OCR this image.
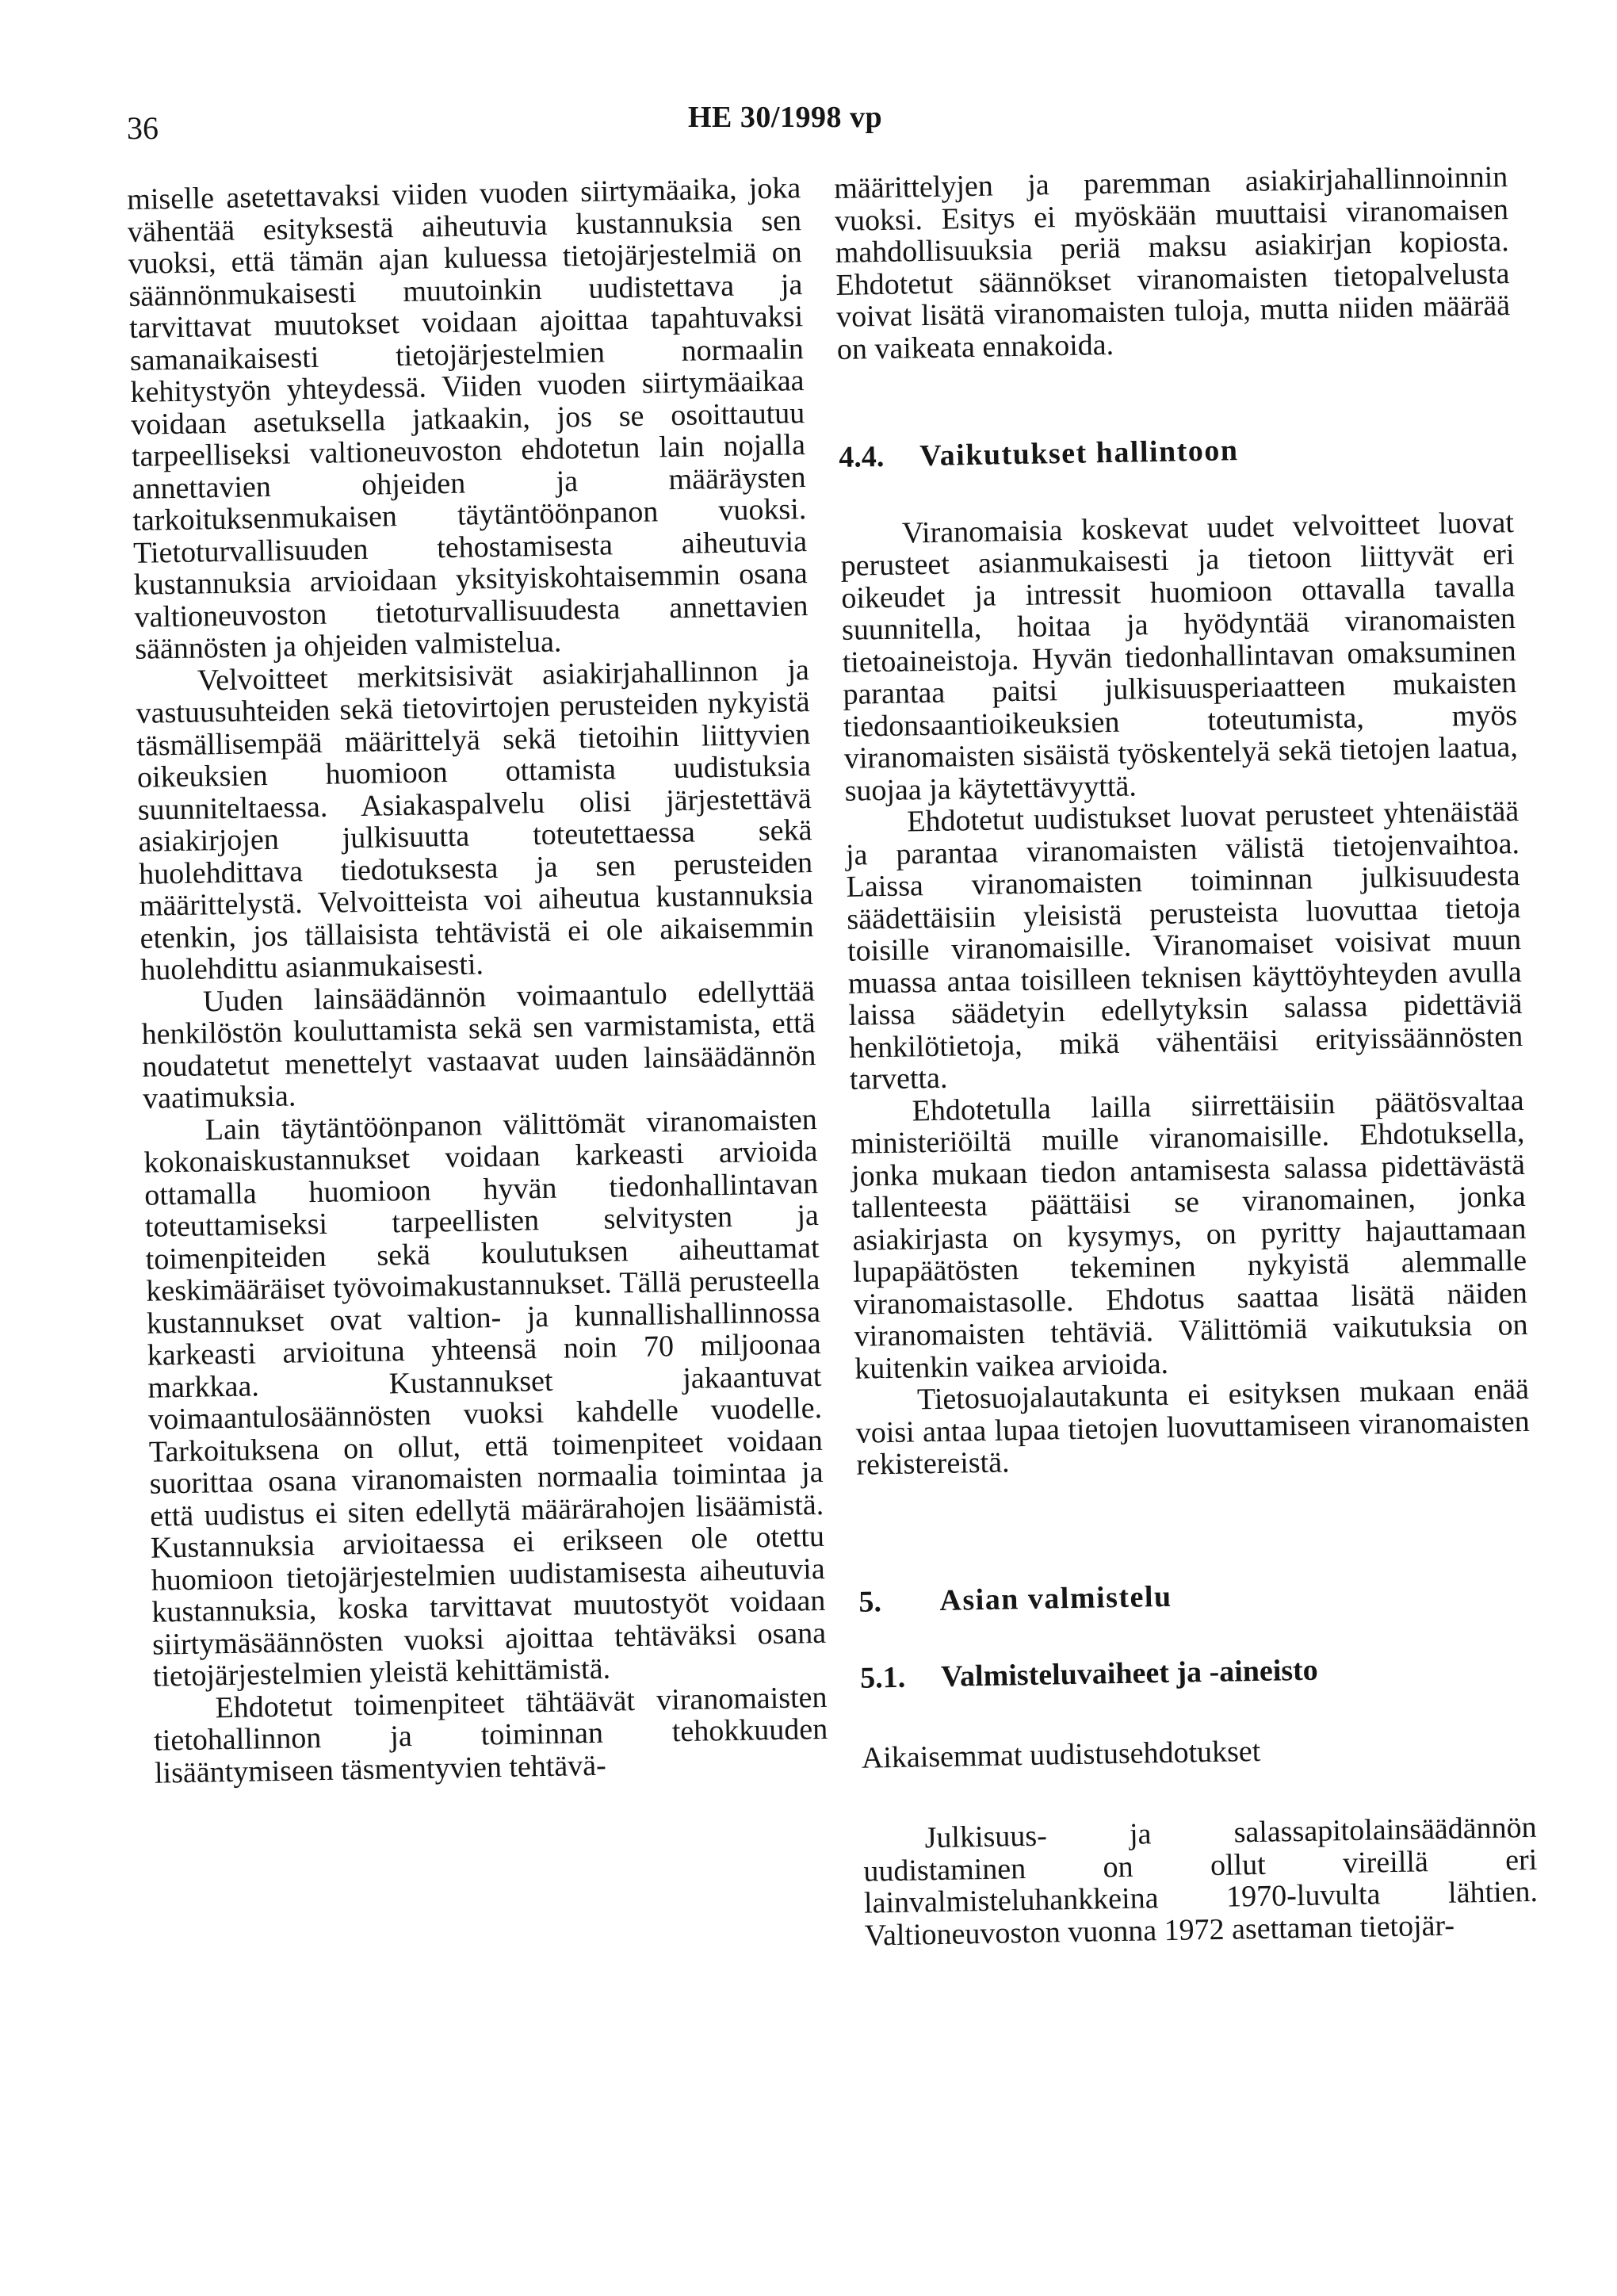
36	HE 30/1998 vp

miselle asetettavaksi viiden vuoden siirtymäaika, joka vähentää esityksestä aiheutuvia kustannuksia sen vuoksi, että tämän ajan kuluessa tietojärjestelmiä on säännönmukaisesti muutoinkin uudistettava ja tarvittavat muutokset voidaan ajoittaa tapahtuvaksi samanaikaisesti tietojärjestelmien normaalin kehitystyön yhteydessä. Viiden vuoden siirtymäaikaa voidaan asetuksella jatkaakin, jos se osoittautuu tarpeelliseksi valtioneuvoston ehdotetun lain nojalla annettavien ohjeiden ja määräysten tarkoituksenmukaisen täytäntöönpanon vuoksi. Tietoturvallisuuden tehostamisesta aiheutuvia kustannuksia arvioidaan yksityiskohtaisemmin osana valtioneuvoston tietoturvallisuudesta annettavien säännösten ja ohjeiden valmistelua.

Velvoitteet merkitsisivät asiakirjahallinnon ja vastuusuhteiden sekä tietovirtojen perusteiden nykyistä täsmällisempää määrittelyä sekä tietoihin liittyvien oikeuksien huomioon ottamista uudistuksia suunniteltaessa. Asiakaspalvelu olisi järjestettävä asiakirjojen julkisuutta toteutettaessa sekä huolehdittava tiedotuksesta ja sen perusteiden määrittelystä. Velvoitteista voi aiheutua kustannuksia etenkin, jos tällaisista tehtävistä ei ole aikaisemmin huolehdittu asianmukaisesti.

Uuden lainsäädännön voimaantulo edellyttää henkilöstön kouluttamista sekä sen varmistamista, että noudatetut menettelyt vastaavat uuden lainsäädännön vaatimuksia.

Lain täytäntöönpanon välittömät viranomaisten kokonaiskustannukset voidaan karkeasti arvioida ottamalla huomioon hyvän tiedonhallintavan toteuttamiseksi tarpeellisten selvitysten ja toimenpiteiden sekä koulutuksen aiheuttamat keskimääräiset työvoimakustannukset. Tällä perusteella kustannukset ovat valtion- ja kunnallishallinnossa karkeasti arvioituna yhteensä noin 70 miljoonaa markkaa. Kustannukset jakaantuvat voimaantulosäännösten vuoksi kahdelle vuodelle. Tarkoituksena on ollut, että toimenpiteet voidaan suorittaa osana viranomaisten normaalia toimintaa ja että uudistus ei siten edellytä määrärahojen lisäämistä. Kustannuksia arvioitaessa ei erikseen ole otettu huomioon tietojärjestelmien uudistamisesta aiheutuvia kustannuksia, koska tarvittavat muutostyöt voidaan siirtymäsäännösten vuoksi ajoittaa tehtäväksi osana tietojärjestelmien yleistä kehittämistä.

Ehdotetut toimenpiteet tähtäävät viranomaisten tietohallinnon ja toiminnan tehokkuuden lisääntymiseen täsmentyvien tehtävä-

määrittelyjen ja paremman asiakirjahallinnoinnin vuoksi. Esitys ei myöskään muuttaisi viranomaisen mahdollisuuksia periä maksu asiakirjan kopiosta. Ehdotetut säännökset viranomaisten tietopalvelusta voivat lisätä viranomaisten tuloja, mutta niiden määrää on vaikeata ennakoida.

4.4. Vaikutukset hallintoon

Viranomaisia koskevat uudet velvoitteet luovat perusteet asianmukaisesti ja tietoon liittyvät eri oikeudet ja intressit huomioon ottavalla tavalla suunnitella, hoitaa ja hyödyntää viranomaisten tietoaineistoja. Hyvän tiedonhallintavan omaksuminen parantaa paitsi julkisuusperiaatteen mukaisten tiedonsaantioikeuksien toteutumista, myös viranomaisten sisäistä työskentelyä sekä tietojen laatua, suojaa ja käytettävyyttä.

Ehdotetut uudistukset luovat perusteet yhtenäistää ja parantaa viranomaisten välistä tietojenvaihtoa. Laissa viranomaisten toiminnan julkisuudesta säädettäisiin yleisistä perusteista luovuttaa tietoja toisille viranomaisille. Viranomaiset voisivat muun muassa antaa toisilleen teknisen käyttöyhteyden avulla laissa säädetyin edellytyksin salassa pidettäviä henkilötietoja, mikä vähentäisi erityissäännösten tarvetta.

Ehdotetulla lailla siirrettäisiin päätösvaltaa ministeriöiltä muille viranomaisille. Ehdotuksella, jonka mukaan tiedon antamisesta salassa pidettävästä tallenteesta päättäisi se viranomainen, jonka asiakirjasta on kysymys, on pyritty hajauttamaan lupapäätösten tekeminen nykyistä alemmalle viranomaistasolle. Ehdotus saattaa lisätä näiden viranomaisten tehtäviä. Välittömiä vaikutuksia on kuitenkin vaikea arvioida.

Tietosuojalautakunta ei esityksen mukaan enää voisi antaa lupaa tietojen luovuttamiseen viranomaisten rekistereistä.

5. Asian valmistelu
5.1. Valmisteluvaiheet ja -aineisto
Aikaisemmat uudistusehdotukset

Julkisuus- ja salassapitolainsäädännön uudistaminen on ollut vireillä eri lainvalmisteluhankkeina 1970-luvulta lähtien. Valtioneuvoston vuonna 1972 asettaman tietojär-
